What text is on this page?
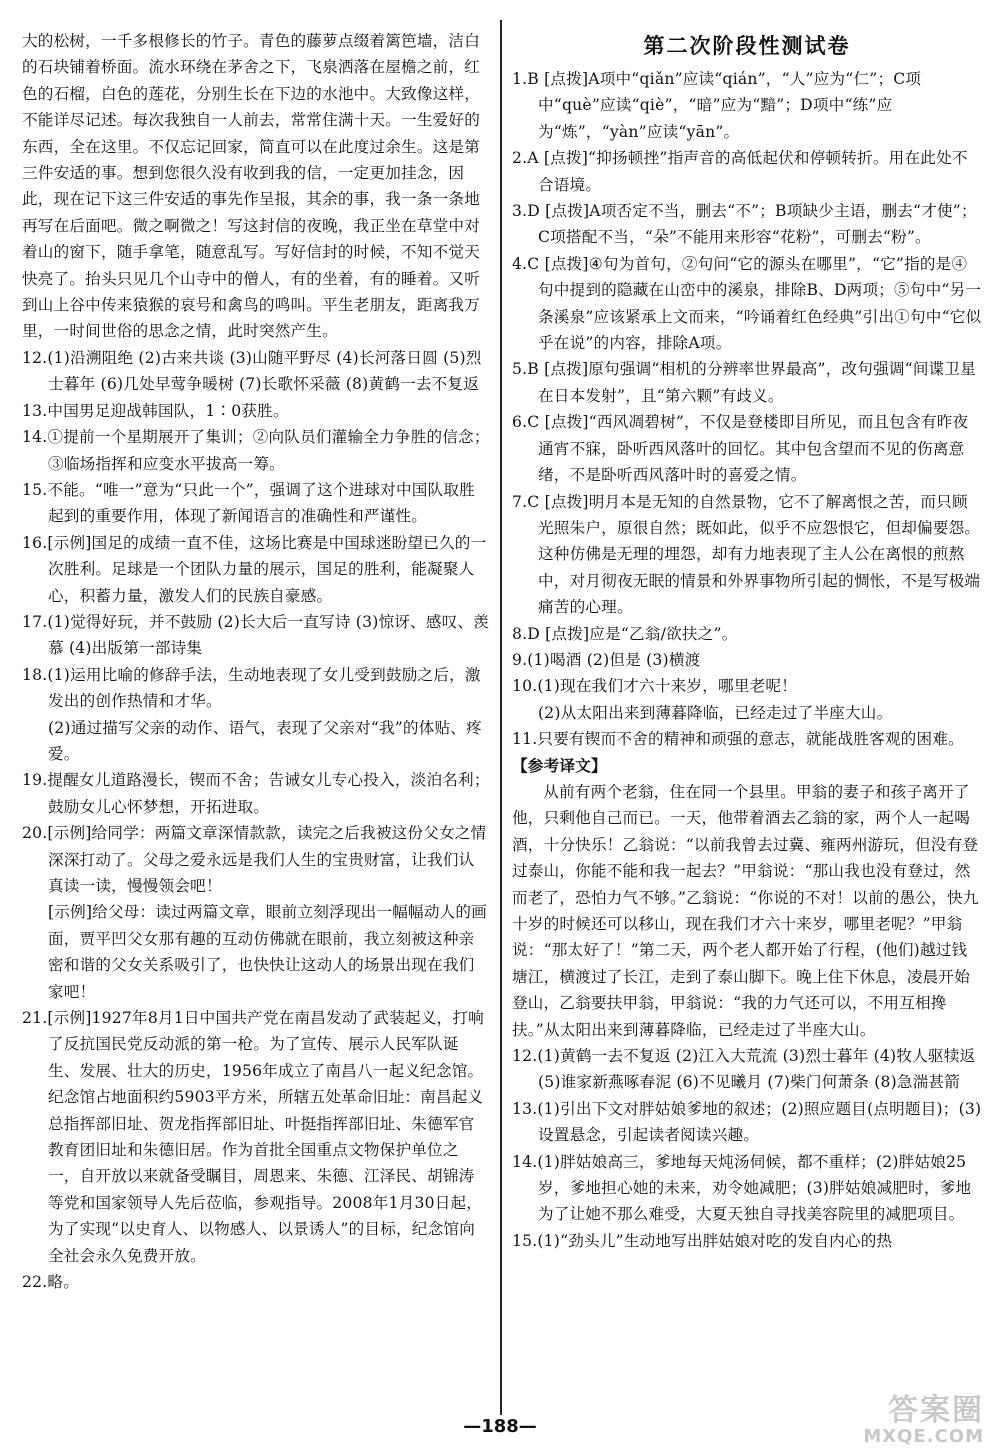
大的松树，一千多根修长的竹子。青色的藤萝点缀着篱笆墙，洁白的石块铺着桥面。流水环绕在茅舍之下，飞泉洒落在屋檐之前，红色的石榴，白色的莲花，分别生长在下边的水池中。大致像这样，不能详尽记述。每次我独自一人前去，常常住满十天。一生爱好的东西，全在这里。不仅忘记回家，简直可以在此度过余生。这是第三件安适的事。想到您很久没有收到我的信，一定更加挂念，因此，现在记下这三件安适的事先作呈报，其余的事，我一条一条地再写在后面吧。微之啊微之！写这封信的夜晚，我正坐在草堂中对着山的窗下，随手拿笔，随意乱写。写好信封的时候，不知不觉天快亮了。抬头只见几个山寺中的僧人，有的坐着，有的睡着。又听到山上谷中传来猿猴的哀号和禽鸟的鸣叫。平生老朋友，距离我万里，一时间世俗的思念之情，此时突然产生。

12.(1)沿溯阻绝 (2)古来共谈 (3)山随平野尽 (4)长河落日圆 (5)烈士暮年 (6)几处早莺争暖树 (7)长歌怀采薇 (8)黄鹤一去不复返

13.中国男足迎战韩国队，1∶0获胜。

14.①提前一个星期展开了集训；②向队员们灌输全力争胜的信念；③临场指挥和应变水平拔高一筹。

15.不能。“唯一”意为“只此一个”，强调了这个进球对中国队取胜起到的重要作用，体现了新闻语言的准确性和严谨性。

16.[示例]国足的成绩一直不佳，这场比赛是中国球迷盼望已久的一次胜利。足球是一个团队力量的展示，国足的胜利，能凝聚人心，积蓄力量，激发人们的民族自豪感。

17.(1)觉得好玩，并不鼓励 (2)长大后一直写诗 (3)惊讶、感叹、羡慕 (4)出版第一部诗集

18.(1)运用比喻的修辞手法，生动地表现了女儿受到鼓励之后，激发出的创作热情和才华。

(2)通过描写父亲的动作、语气，表现了父亲对“我”的体贴、疼爱。

19.提醒女儿道路漫长，锲而不舍；告诫女儿专心投入，淡泊名利；鼓励女儿心怀梦想，开拓进取。

20.[示例]给同学：两篇文章深情款款，读完之后我被这份父女之情深深打动了。父母之爱永远是我们人生的宝贵财富，让我们认真读一读，慢慢领会吧！

[示例]给父母：读过两篇文章，眼前立刻浮现出一幅幅动人的画面，贾平凹父女那有趣的互动仿佛就在眼前，我立刻被这种亲密和谐的父女关系吸引了，也快快让这动人的场景出现在我们家吧！

21.[示例]1927年8月1日中国共产党在南昌发动了武装起义，打响了反抗国民党反动派的第一枪。为了宣传、展示人民军队诞生、发展、壮大的历史，1956年成立了南昌八一起义纪念馆。纪念馆占地面积约5903平方米，所辖五处革命旧址：南昌起义总指挥部旧址、贺龙指挥部旧址、叶挺指挥部旧址、朱德军官教育团旧址和朱德旧居。作为首批全国重点文物保护单位之一，自开放以来就备受瞩目，周恩来、朱德、江泽民、胡锦涛等党和国家领导人先后莅临，参观指导。2008年1月30日起，为了实现“以史育人、以物感人、以景诱人”的目标，纪念馆向全社会永久免费开放。

22.略。

第二次阶段性测试卷

1.B [点拨]A项中“qiǎn”应读“qián”，“人”应为“仁”；C项中“què”应读“qiè”，“暗”应为“黯”；D项中“练”应为“炼”，“yàn”应读“yān”。

2.A [点拨]“抑扬顿挫”指声音的高低起伏和停顿转折。用在此处不合语境。

3.D [点拨]A项否定不当，删去“不”；B项缺少主语，删去“才使”；C项搭配不当，“朵”不能用来形容“花粉”，可删去“粉”。

4.C [点拨]④句为首句，②句问“它的源头在哪里”，“它”指的是④句中提到的隐藏在山峦中的溪泉，排除B、D两项；⑤句中“另一条溪泉”应该紧承上文而来，“吟诵着红色经典”引出①句中“它似乎在说”的内容，排除A项。

5.B [点拨]原句强调“相机的分辨率世界最高”，改句强调“间谍卫星在日本发射”，且“第六颗”有歧义。

6.C [点拨]“西风凋碧树”，不仅是登楼即目所见，而且包含有昨夜通宵不寐，卧听西风落叶的回忆。其中包含望而不见的伤离意绪，不是卧听西风落叶时的喜爱之情。

7.C [点拨]明月本是无知的自然景物，它不了解离恨之苦，而只顾光照朱户，原很自然；既如此，似乎不应怨恨它，但却偏要怨。这种仿佛是无理的埋怨，却有力地表现了主人公在离恨的煎熬中，对月彻夜无眠的情景和外界事物所引起的惆怅，不是写极端痛苦的心理。

8.D [点拨]应是“乙翁/欲扶之”。

9.(1)喝酒 (2)但是 (3)横渡

10.(1)现在我们才六十来岁，哪里老呢！

(2)从太阳出来到薄暮降临，已经走过了半座大山。

11.只要有锲而不舍的精神和顽强的意志，就能战胜客观的困难。

【参考译文】

从前有两个老翁，住在同一个县里。甲翁的妻子和孩子离开了他，只剩他自己而已。一天，他带着酒去乙翁的家，两个人一起喝酒，十分快乐！乙翁说：“以前我曾去过冀、雍两州游玩，但没有登过泰山，你能不能和我一起去？”甲翁说：“那山我也没有登过，然而老了，恐怕力气不够。”乙翁说：“你说的不对！以前的愚公，快九十岁的时候还可以移山，现在我们才六十来岁，哪里老呢？”甲翁说：“那太好了！”第二天，两个老人都开始了行程，(他们)越过钱塘江，横渡过了长江，走到了泰山脚下。晚上住下休息，凌晨开始登山，乙翁要扶甲翁，甲翁说：“我的力气还可以，不用互相搀扶。”从太阳出来到薄暮降临，已经走过了半座大山。

12.(1)黄鹤一去不复返 (2)江入大荒流 (3)烈士暮年 (4)牧人驱犊返 (5)谁家新燕啄春泥 (6)不见曦月 (7)柴门何萧条 (8)急湍甚箭

13.(1)引出下文对胖姑娘爹地的叙述；(2)照应题目(点明题目)；(3)设置悬念，引起读者阅读兴趣。

14.(1)胖姑娘高三，爹地每天炖汤伺候，都不重样；(2)胖姑娘25岁，爹地担心她的未来，劝令她减肥；(3)胖姑娘减肥时，爹地为了让她不那么难受，大夏天独自寻找美容院里的减肥项目。

15.(1)“劲头儿”生动地写出胖姑娘对吃的发自内心的热

—188—	答案圈
MXQE.COM
